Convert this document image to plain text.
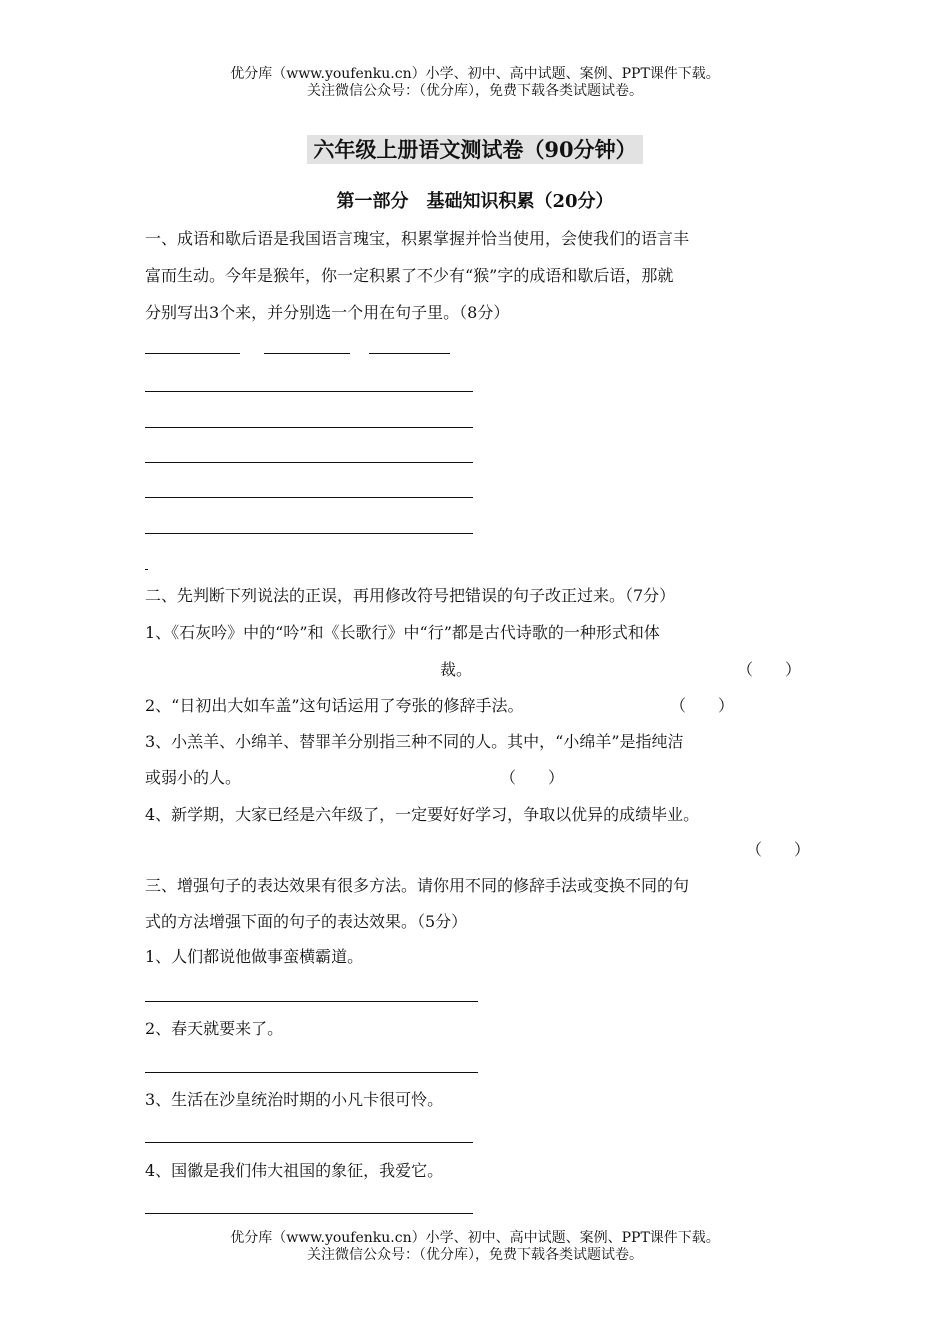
优分库（www.youfenku.cn）小学、初中、高中试题、案例、PPT课件下载。
关注微信公众号：（优分库），免费下载各类试题试卷。
六年级上册语文测试卷（90分钟）
第一部分　基础知识积累（20分）
一、成语和歇后语是我国语言瑰宝，积累掌握并恰当使用，会使我们的语言丰
富而生动。今年是猴年，你一定积累了不少有“猴”字的成语和歇后语，那就
分别写出3个来，并分别选一个用在句子里。（8分）
二、先判断下列说法的正误，再用修改符号把错误的句子改正过来。（7分）
1、《石灰吟》中的“吟”和《长歌行》中“行”都是古代诗歌的一种形式和体
裁。	（　　）
2、“日初出大如车盖”这句话运用了夸张的修辞手法。	（　　）
3、小羔羊、小绵羊、替罪羊分别指三种不同的人。其中，“小绵羊”是指纯洁
或弱小的人。	（　　）
4、新学期，大家已经是六年级了，一定要好好学习，争取以优异的成绩毕业。
（　　）
三、增强句子的表达效果有很多方法。请你用不同的修辞手法或变换不同的句
式的方法增强下面的句子的表达效果。（5分）
1、人们都说他做事蛮横霸道。
2、春天就要来了。
3、生活在沙皇统治时期的小凡卡很可怜。
4、国徽是我们伟大祖国的象征，我爱它。
优分库（www.youfenku.cn）小学、初中、高中试题、案例、PPT课件下载。
关注微信公众号：（优分库），免费下载各类试题试卷。
